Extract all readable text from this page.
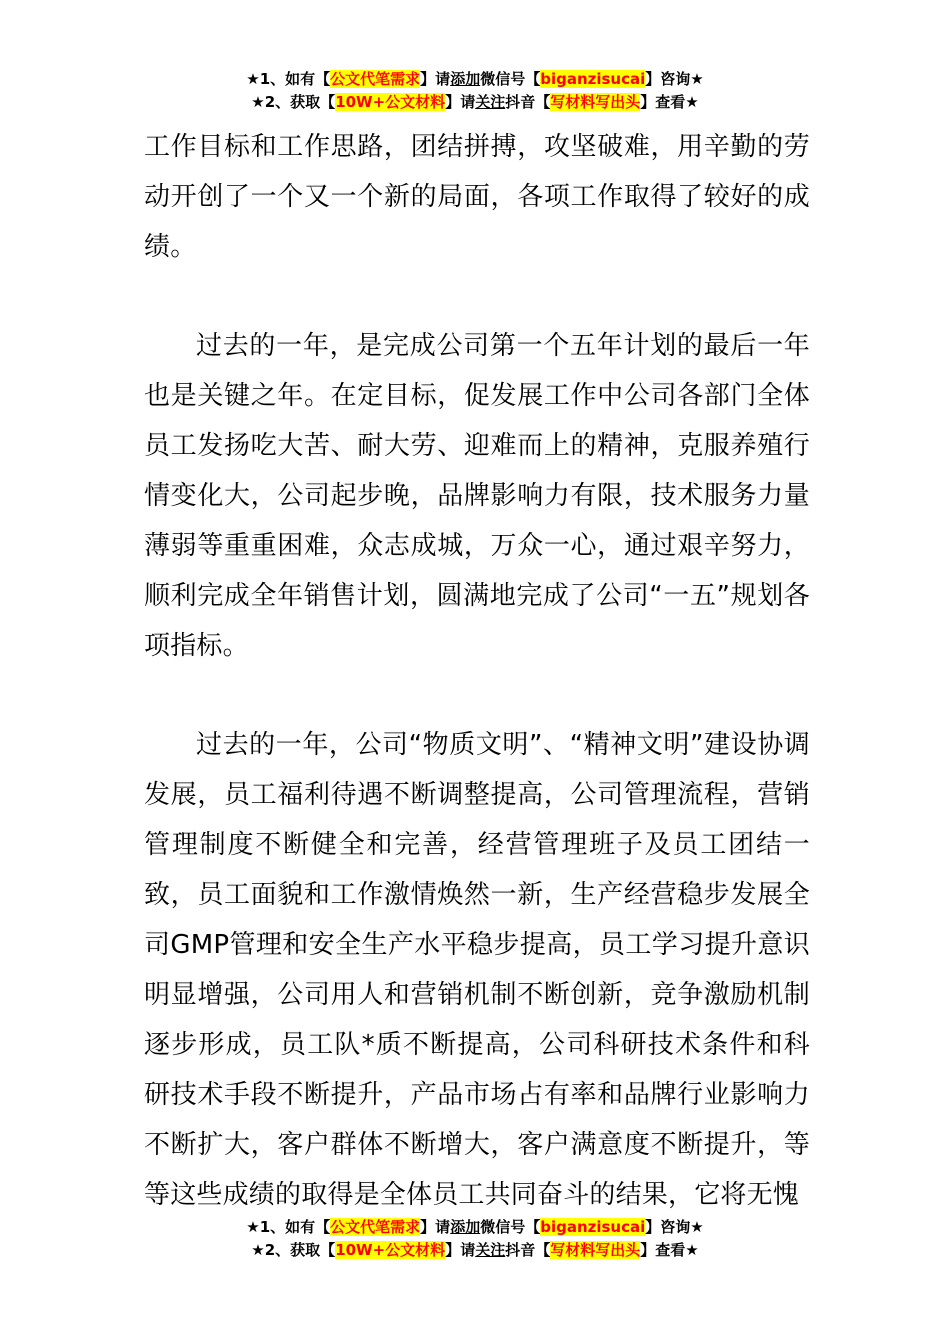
★1、如有【公文代笔需求】请添加微信号【biganzisucai】咨询★
★2、获取【10W+公文材料】请关注抖音【写材料写出头】查看★

工作目标和工作思路，团结拼搏，攻坚破难，用辛勤的劳动开创了一个又一个新的局面，各项工作取得了较好的成绩。

过去的一年，是完成公司第一个五年计划的最后一年也是关键之年。在定目标，促发展工作中公司各部门全体员工发扬吃大苦、耐大劳、迎难而上的精神，克服养殖行情变化大，公司起步晚，品牌影响力有限，技术服务力量薄弱等重重困难，众志成城，万众一心，通过艰辛努力，顺利完成全年销售计划，圆满地完成了公司“一五”规划各项指标。

过去的一年，公司“物质文明”、“精神文明”建设协调发展，员工福利待遇不断调整提高，公司管理流程，营销管理制度不断健全和完善，经营管理班子及员工团结一致，员工面貌和工作激情焕然一新，生产经营稳步发展全司GMP管理和安全生产水平稳步提高，员工学习提升意识明显增强，公司用人和营销机制不断创新，竞争激励机制逐步形成，员工队*质不断提高，公司科研技术条件和科研技术手段不断提升，产品市场占有率和品牌行业影响力不断扩大，客户群体不断增大，客户满意度不断提升，等等这些成绩的取得是全体员工共同奋斗的结果，它将无愧

★1、如有【公文代笔需求】请添加微信号【biganzisucai】咨询★
★2、获取【10W+公文材料】请关注抖音【写材料写出头】查看★
